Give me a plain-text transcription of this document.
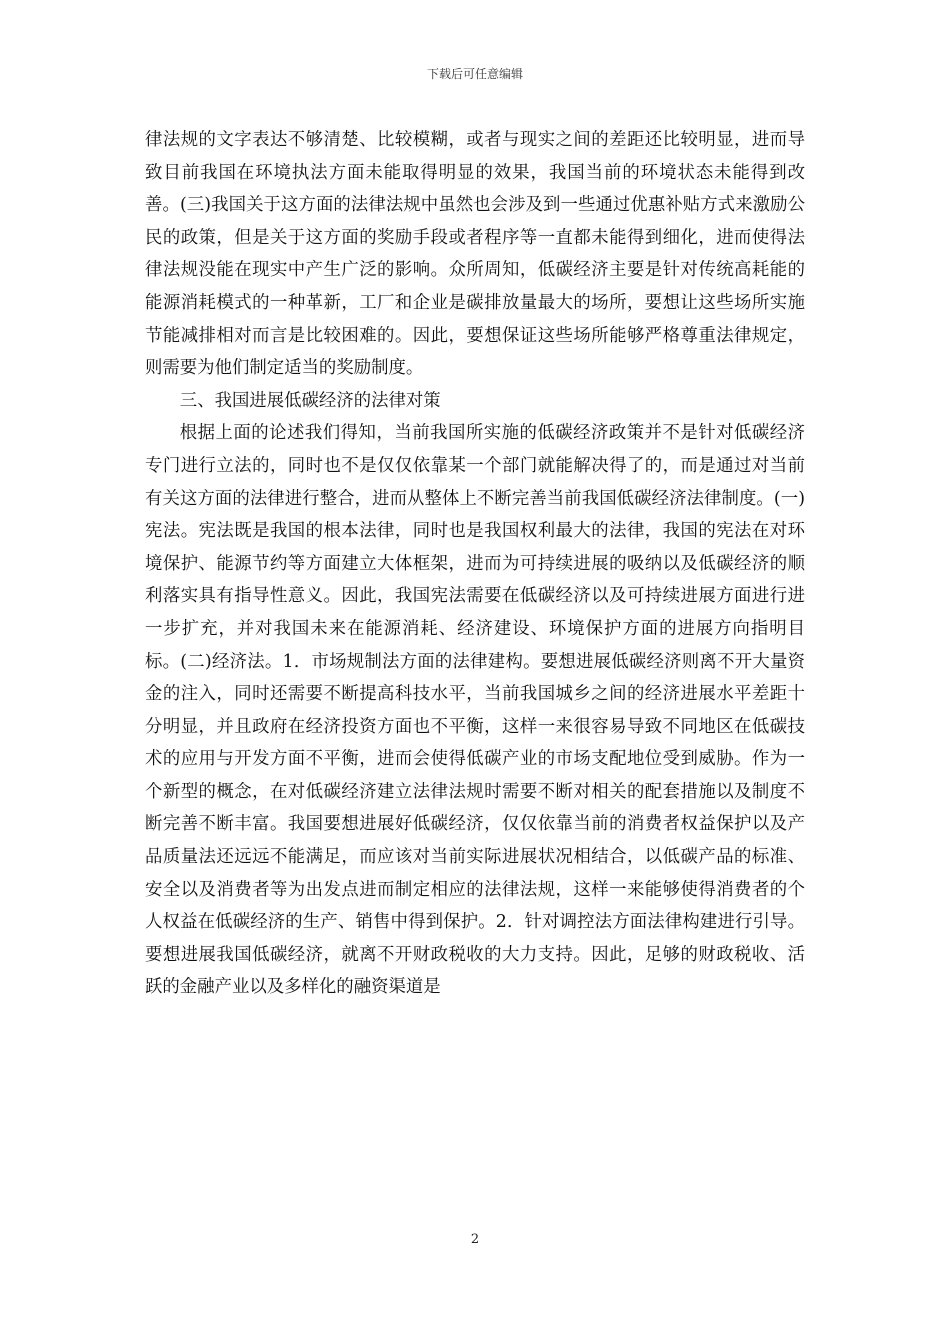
下载后可任意编辑

律法规的文字表达不够清楚、比较模糊，或者与现实之间的差距还比较明显，进而导致目前我国在环境执法方面未能取得明显的效果，我国当前的环境状态未能得到改善。(三)我国关于这方面的法律法规中虽然也会涉及到一些通过优惠补贴方式来激励公民的政策，但是关于这方面的奖励手段或者程序等一直都未能得到细化，进而使得法律法规没能在现实中产生广泛的影响。众所周知，低碳经济主要是针对传统高耗能的能源消耗模式的一种革新，工厂和企业是碳排放量最大的场所，要想让这些场所实施节能减排相对而言是比较困难的。因此，要想保证这些场所能够严格尊重法律规定，则需要为他们制定适当的奖励制度。

三、我国进展低碳经济的法律对策

根据上面的论述我们得知，当前我国所实施的低碳经济政策并不是针对低碳经济专门进行立法的，同时也不是仅仅依靠某一个部门就能解决得了的，而是通过对当前有关这方面的法律进行整合，进而从整体上不断完善当前我国低碳经济法律制度。(一)宪法。宪法既是我国的根本法律，同时也是我国权利最大的法律，我国的宪法在对环境保护、能源节约等方面建立大体框架，进而为可持续进展的吸纳以及低碳经济的顺利落实具有指导性意义。因此，我国宪法需要在低碳经济以及可持续进展方面进行进一步扩充，并对我国未来在能源消耗、经济建设、环境保护方面的进展方向指明目标。(二)经济法。1．市场规制法方面的法律建构。要想进展低碳经济则离不开大量资金的注入，同时还需要不断提高科技水平，当前我国城乡之间的经济进展水平差距十分明显，并且政府在经济投资方面也不平衡，这样一来很容易导致不同地区在低碳技术的应用与开发方面不平衡，进而会使得低碳产业的市场支配地位受到威胁。作为一个新型的概念，在对低碳经济建立法律法规时需要不断对相关的配套措施以及制度不断完善不断丰富。我国要想进展好低碳经济，仅仅依靠当前的消费者权益保护以及产品质量法还远远不能满足，而应该对当前实际进展状况相结合，以低碳产品的标准、安全以及消费者等为出发点进而制定相应的法律法规，这样一来能够使得消费者的个人权益在低碳经济的生产、销售中得到保护。2．针对调控法方面法律构建进行引导。要想进展我国低碳经济，就离不开财政税收的大力支持。因此，足够的财政税收、活跃的金融产业以及多样化的融资渠道是

2
